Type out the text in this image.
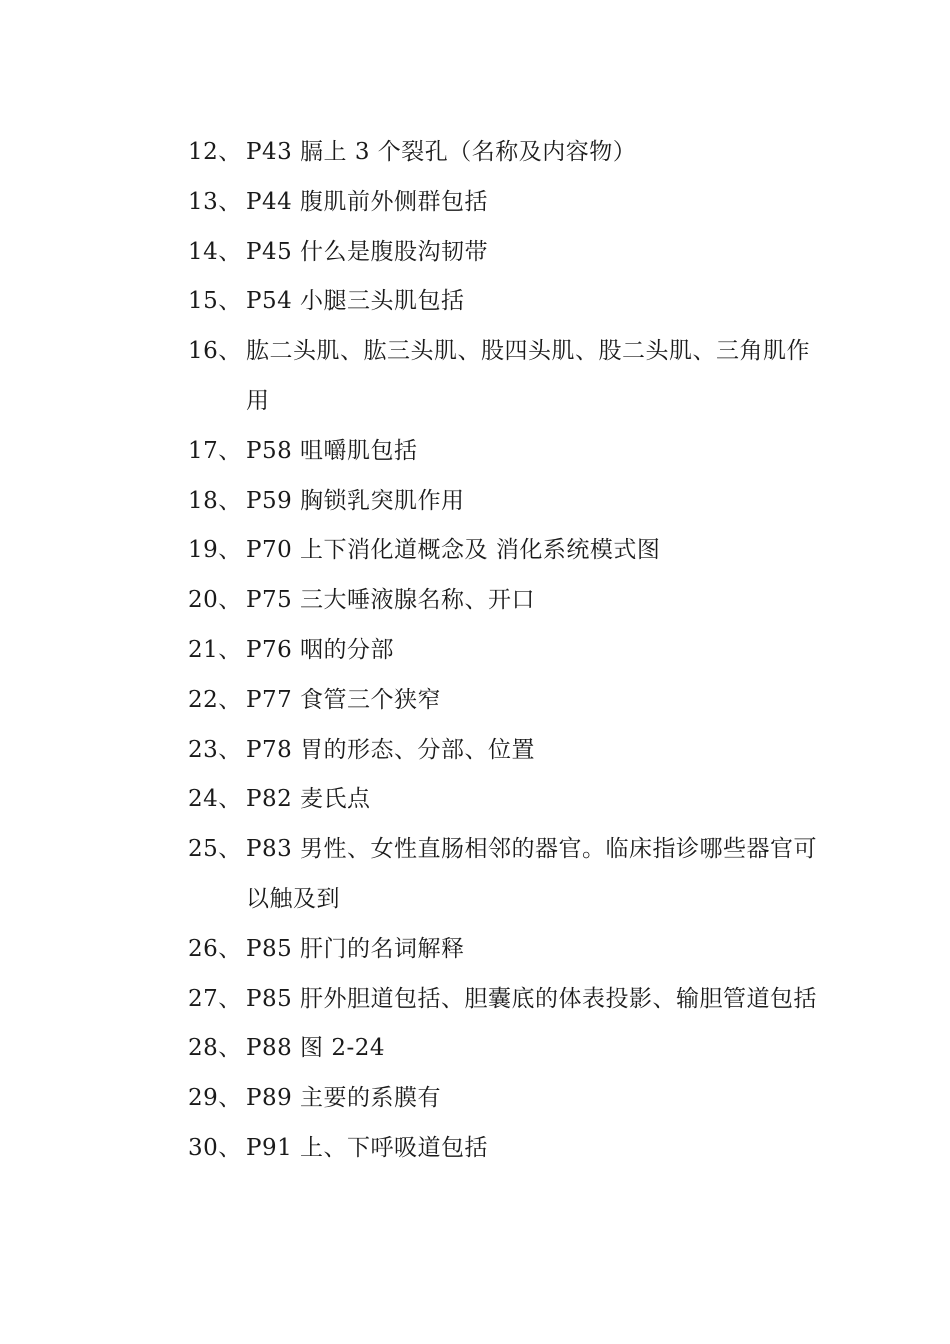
12、 P43 膈上 3 个裂孔（名称及内容物）
13、 P44 腹肌前外侧群包括
14、 P45 什么是腹股沟韧带
15、 P54 小腿三头肌包括
16、 肱二头肌、肱三头肌、股四头肌、股二头肌、三角肌作用
17、 P58 咀嚼肌包括
18、 P59 胸锁乳突肌作用
19、 P70 上下消化道概念及 消化系统模式图
20、 P75 三大唾液腺名称、开口
21、 P76 咽的分部
22、 P77 食管三个狭窄
23、 P78 胃的形态、分部、位置
24、 P82 麦氏点
25、 P83 男性、女性直肠相邻的器官。临床指诊哪些器官可以触及到
26、 P85 肝门的名词解释
27、 P85 肝外胆道包括、胆囊底的体表投影、输胆管道包括
28、 P88 图 2-24
29、 P89 主要的系膜有
30、 P91 上、下呼吸道包括
